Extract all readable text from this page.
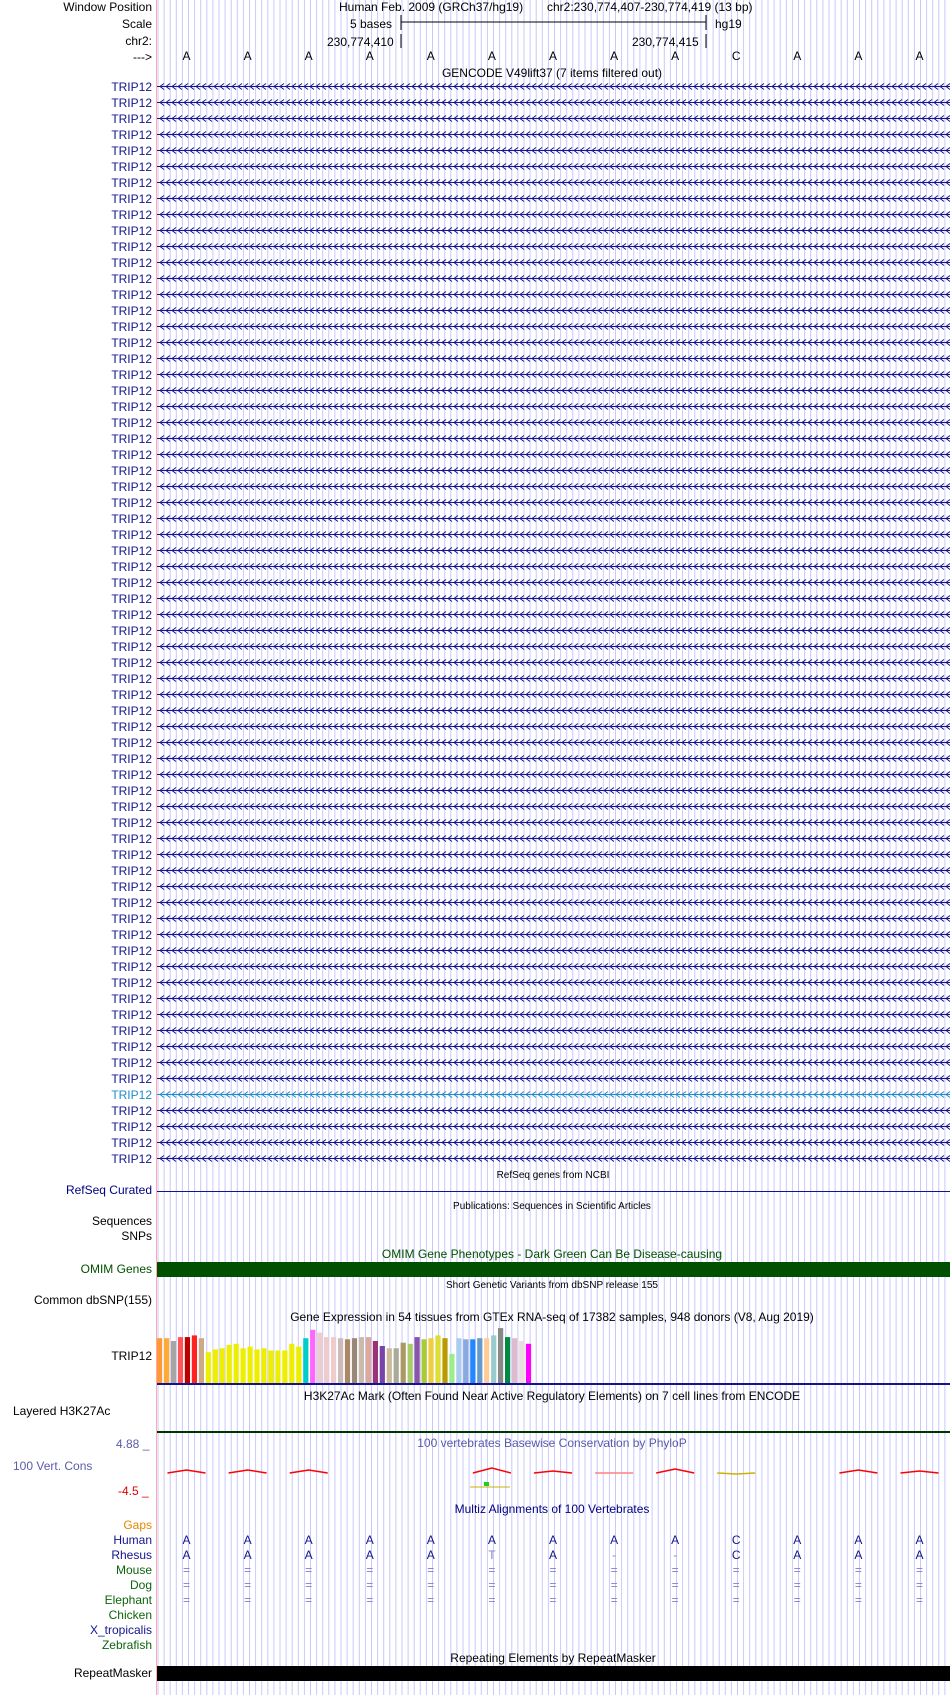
Window Position
Scale
chr2:
--->
Human Feb. 2009 (GRCh37/hg19) chr2:230,774,407-230,774,419 (13 bp)
5 bases	hg19
230,774,410	230,774,415
A	A	A	A	A	A	A	A	A	C	A	A	A
GENCODE V49lift37 (7 items filtered out)
TRIP12
TRIP12
TRIP12
TRIP12
TRIP12
TRIP12
TRIP12
TRIP12
TRIP12
TRIP12
TRIP12
TRIP12
TRIP12
TRIP12
TRIP12
TRIP12
TRIP12
TRIP12
TRIP12
TRIP12
TRIP12
TRIP12
TRIP12
TRIP12
TRIP12
TRIP12
TRIP12
TRIP12
TRIP12
TRIP12
TRIP12
TRIP12
TRIP12
TRIP12
TRIP12
TRIP12
TRIP12
TRIP12
TRIP12
TRIP12
TRIP12
TRIP12
TRIP12
TRIP12
TRIP12
TRIP12
TRIP12
TRIP12
TRIP12
TRIP12
TRIP12
TRIP12
TRIP12
TRIP12
TRIP12
TRIP12
TRIP12
TRIP12
TRIP12
TRIP12
TRIP12
TRIP12
TRIP12
TRIP12
TRIP12
TRIP12
TRIP12
TRIP12
RefSeq genes from NCBI
RefSeq Curated
Publications: Sequences in Scientific Articles
Sequences
SNPs
OMIM Gene Phenotypes - Dark Green Can Be Disease-causing
OMIM Genes
Short Genetic Variants from dbSNP release 155
Common dbSNP(155)
Gene Expression in 54 tissues from GTEx RNA-seq of 17382 samples, 948 donors (V8, Aug 2019)
TRIP12
H3K27Ac Mark (Often Found Near Active Regulatory Elements) on 7 cell lines from ENCODE
Layered H3K27Ac
100 vertebrates Basewise Conservation by PhyloP
4.88 _
100 Vert. Cons
-4.5 _
Multiz Alignments of 100 Vertebrates
Gaps
Human	A	A	A	A	A	A	A	A	A	C	A	A	A
Rhesus	A	A	A	A	A	T	A	-	-	C	A	A	A
Mouse	=	=	=	=	=	=	=	=	=	=	=	=	=
Dog	=	=	=	=	=	=	=	=	=	=	=	=	=
Elephant	=	=	=	=	=	=	=	=	=	=	=	=	=
Chicken
X_tropicalis
Zebrafish
Repeating Elements by RepeatMasker
RepeatMasker
